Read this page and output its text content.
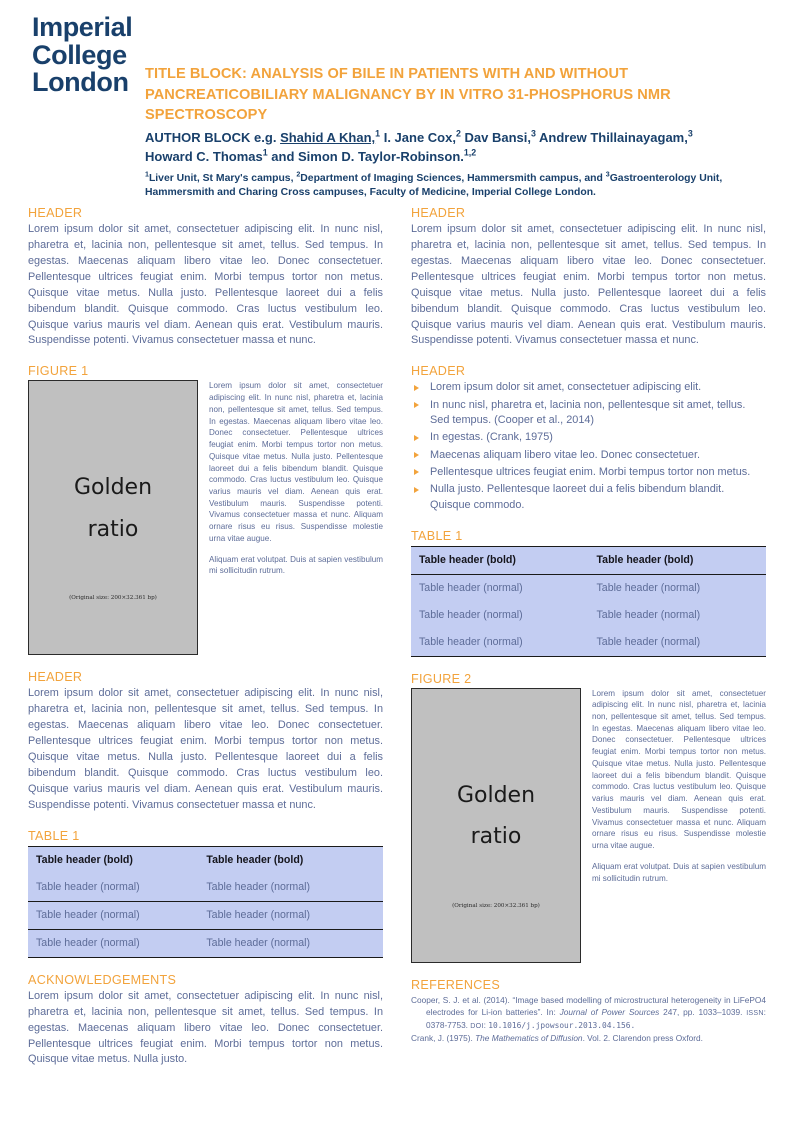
Imperial College
London	TITLE BLOCK: ANALYSIS OF BILE IN PATIENTS WITH AND WITHOUT PANCREATICOBILIARY MALIGNANCY BY IN VITRO 31-PHOSPHORUS NMR SPECTROSCOPY
AUTHOR BLOCK e.g. Shahid A Khan,$^1$ I. Jane Cox,$^2$ Dav Bansi,$^3$ Andrew Thillainayagam,$^3$
Howard C. Thomas$^1$ and Simon D. Taylor-Robinson.$^{1,2}$
$^1$Liver Unit, St Mary's campus, $^2$Department of Imaging Sciences, Hammersmith campus, and $^3$Gastroenterology Unit, Hammersmith and Charing Cross campuses, Faculty of Medicine, Imperial College London.
HEADER

Lorem ipsum dolor sit amet, consectetuer adipiscing elit. In nunc nisl, pharetra et, lacinia non, pellentesque sit amet, tellus. Sed tempus. In egestas. Maecenas aliquam libero vitae leo. Donec consectetuer. Pellentesque ultrices feugiat enim. Morbi tempus tortor non metus. Quisque vitae metus. Nulla justo. Pellentesque laoreet dui a felis bibendum blandit. Quisque commodo. Cras luctus vestibulum leo. Quisque varius mauris vel diam. Aenean quis erat. Vestibulum mauris. Suspendisse potenti. Vivamus consectetuer massa et nunc.

FIGURE 1
Golden
ratio
(Original size: 200×32.361 bp)

Lorem ipsum dolor sit amet, consectetuer adipiscing elit. In nunc nisl, pharetra et, lacinia non, pellentesque sit amet, tellus. Sed tempus. In egestas. Maecenas aliquam libero vitae leo. Donec consectetuer. Pellentesque ultrices feugiat enim. Morbi tempus tortor non metus. Quisque vitae metus. Nulla justo. Pellentesque laoreet dui a felis bibendum blandit. Quisque commodo. Cras luctus vestibulum leo. Quisque varius mauris vel diam. Aenean quis erat. Vestibulum mauris. Suspendisse potenti. Vivamus consectetuer massa et nunc. Aliquam ornare risus eu risus. Suspendisse molestie urna vitae augue.

Aliquam erat volutpat. Duis at sapien vestibulum mi sollicitudin rutrum.

HEADER

Lorem ipsum dolor sit amet, consectetuer adipiscing elit. In nunc nisl, pharetra et, lacinia non, pellentesque sit amet, tellus. Sed tempus. In egestas. Maecenas aliquam libero vitae leo. Donec consectetuer. Pellentesque ultrices feugiat enim. Morbi tempus tortor non metus. Quisque vitae metus. Nulla justo. Pellentesque laoreet dui a felis bibendum blandit. Quisque commodo. Cras luctus vestibulum leo. Quisque varius mauris vel diam. Aenean quis erat. Vestibulum mauris. Suspendisse potenti. Vivamus consectetuer massa et nunc.

TABLE 1
Table header (bold)	Table header (bold)
Table header (normal)	Table header (normal)
Table header (normal)	Table header (normal)
Table header (normal)	Table header (normal)
ACKNOWLEDGEMENTS

Lorem ipsum dolor sit amet, consectetuer adipiscing elit. In nunc nisl, pharetra et, lacinia non, pellentesque sit amet, tellus. Sed tempus. In egestas. Maecenas aliquam libero vitae leo. Donec consectetuer. Pellentesque ultrices feugiat enim. Morbi tempus tortor non metus. Quisque vitae metus. Nulla justo.

HEADER

Lorem ipsum dolor sit amet, consectetuer adipiscing elit. In nunc nisl, pharetra et, lacinia non, pellentesque sit amet, tellus. Sed tempus. In egestas. Maecenas aliquam libero vitae leo. Donec consectetuer. Pellentesque ultrices feugiat enim. Morbi tempus tortor non metus. Quisque vitae metus. Nulla justo. Pellentesque laoreet dui a felis bibendum blandit. Quisque commodo. Cras luctus vestibulum leo. Quisque varius mauris vel diam. Aenean quis erat. Vestibulum mauris. Suspendisse potenti. Vivamus consectetuer massa et nunc.

HEADER
Lorem ipsum dolor sit amet, consectetuer adipiscing elit.
In nunc nisl, pharetra et, lacinia non, pellentesque sit amet, tellus. Sed tempus. (Cooper et al., 2014)
In egestas. (Crank, 1975)
Maecenas aliquam libero vitae leo. Donec consectetuer.
Pellentesque ultrices feugiat enim. Morbi tempus tortor non metus.
Nulla justo. Pellentesque laoreet dui a felis bibendum blandit. Quisque commodo.
TABLE 1
Table header (bold)	Table header (bold)
Table header (normal)	Table header (normal)
Table header (normal)	Table header (normal)
Table header (normal)	Table header (normal)
FIGURE 2
Golden
ratio
(Original size: 200×32.361 bp)

Lorem ipsum dolor sit amet, consectetuer adipiscing elit. In nunc nisl, pharetra et, lacinia non, pellentesque sit amet, tellus. Sed tempus. In egestas. Maecenas aliquam libero vitae leo. Donec consectetuer. Pellentesque ultrices feugiat enim. Morbi tempus tortor non metus. Quisque vitae metus. Nulla justo. Pellentesque laoreet dui a felis bibendum blandit. Quisque commodo. Cras luctus vestibulum leo. Quisque varius mauris vel diam. Aenean quis erat. Vestibulum mauris. Suspendisse potenti. Vivamus consectetuer massa et nunc. Aliquam ornare risus eu risus. Suspendisse molestie urna vitae augue.

Aliquam erat volutpat. Duis at sapien vestibulum mi sollicitudin rutrum.

REFERENCES
Cooper, S. J. et al. (2014). “Image based modelling of microstructural heterogeneity in LiFePO4 electrodes for Li-ion batteries”. In: Journal of Power Sources 247, pp. 1033–1039. ISSN: 0378-7753. DOI: 10.1016/j.jpowsour.2013.04.156.
Crank, J. (1975). The Mathematics of Diffusion. Vol. 2. Clarendon press Oxford.
